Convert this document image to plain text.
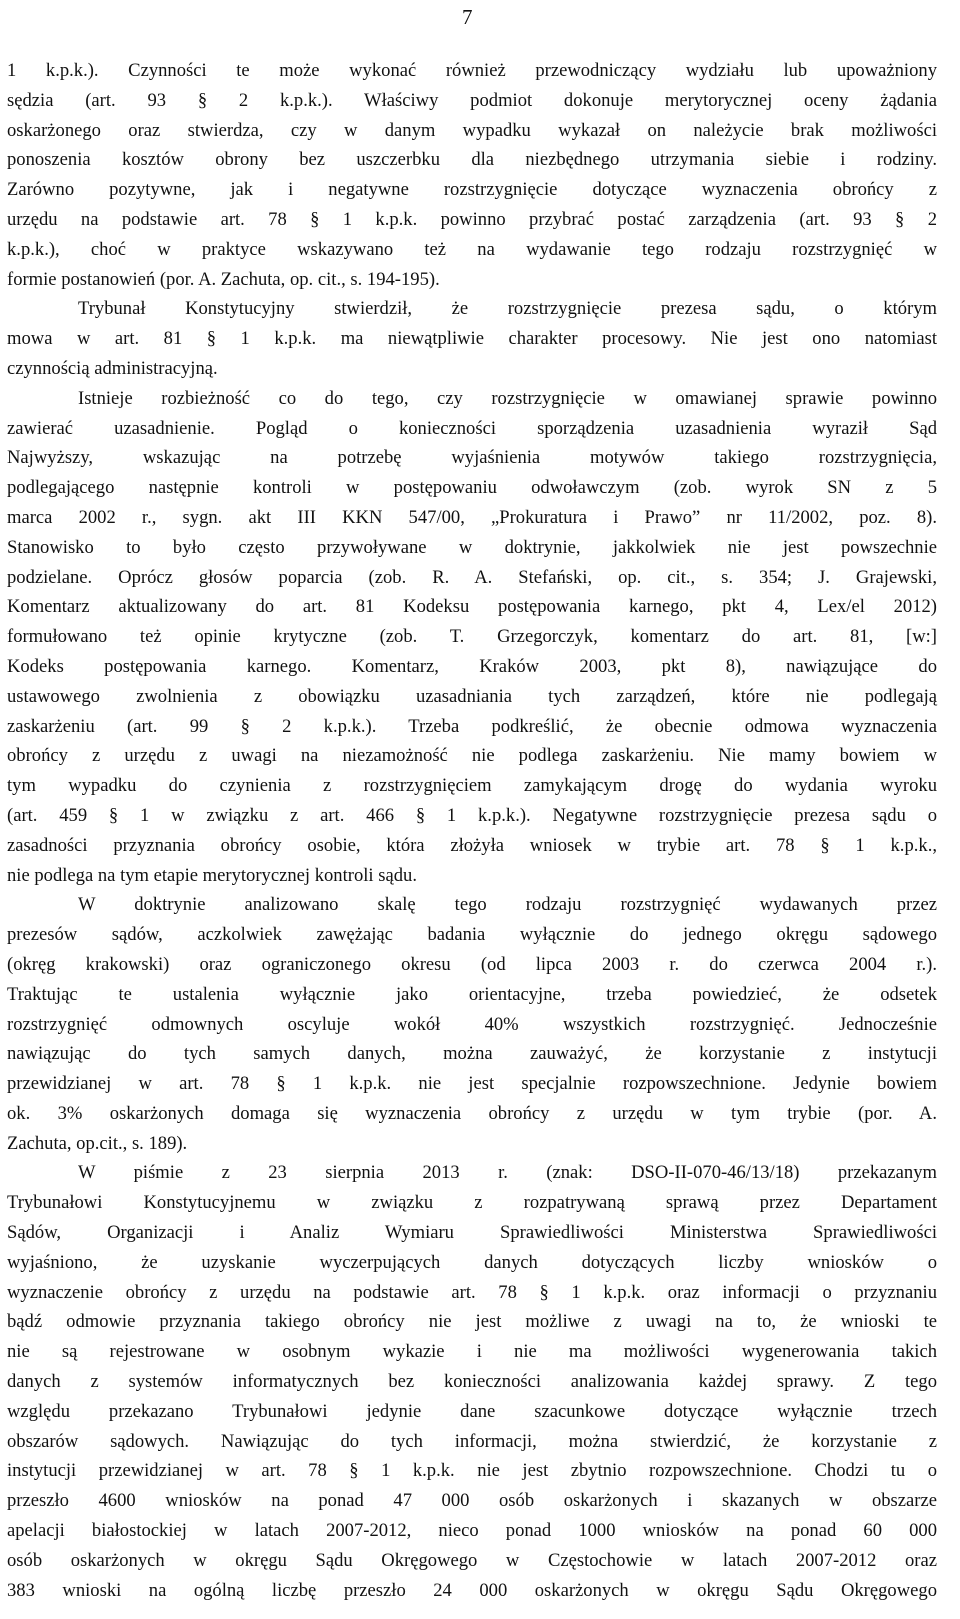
7
1 k.p.k.). Czynności te może wykonać również przewodniczący wydziału lub upoważniony
sędzia (art. 93 § 2 k.p.k.). Właściwy podmiot dokonuje merytorycznej oceny żądania
oskarżonego oraz stwierdza, czy w danym wypadku wykazał on należycie brak możliwości
ponoszenia kosztów obrony bez uszczerbku dla niezbędnego utrzymania siebie i rodziny.
Zarówno pozytywne, jak i negatywne rozstrzygnięcie dotyczące wyznaczenia obrońcy z
urzędu na podstawie art. 78 § 1 k.p.k. powinno przybrać postać zarządzenia (art. 93 § 2
k.p.k.), choć w praktyce wskazywano też na wydawanie tego rodzaju rozstrzygnięć w
formie postanowień (por. A. Zachuta, op. cit., s. 194-195).
Trybunał Konstytucyjny stwierdził, że rozstrzygnięcie prezesa sądu, o którym
mowa w art. 81 § 1 k.p.k. ma niewątpliwie charakter procesowy. Nie jest ono natomiast
czynnością administracyjną.
Istnieje rozbieżność co do tego, czy rozstrzygnięcie w omawianej sprawie powinno
zawierać uzasadnienie. Pogląd o konieczności sporządzenia uzasadnienia wyraził Sąd
Najwyższy, wskazując na potrzebę wyjaśnienia motywów takiego rozstrzygnięcia,
podlegającego następnie kontroli w postępowaniu odwoławczym (zob. wyrok SN z 5
marca 2002 r., sygn. akt III KKN 547/00, „Prokuratura i Prawo” nr 11/2002, poz. 8).
Stanowisko to było często przywoływane w doktrynie, jakkolwiek nie jest powszechnie
podzielane. Oprócz głosów poparcia (zob. R. A. Stefański, op. cit., s. 354; J. Grajewski,
Komentarz aktualizowany do art. 81 Kodeksu postępowania karnego, pkt 4, Lex/el 2012)
formułowano też opinie krytyczne (zob. T. Grzegorczyk, komentarz do art. 81, [w:]
Kodeks postępowania karnego. Komentarz, Kraków 2003, pkt 8), nawiązujące do
ustawowego zwolnienia z obowiązku uzasadniania tych zarządzeń, które nie podlegają
zaskarżeniu (art. 99 § 2 k.p.k.). Trzeba podkreślić, że obecnie odmowa wyznaczenia
obrońcy z urzędu z uwagi na niezamożność nie podlega zaskarżeniu. Nie mamy bowiem w
tym wypadku do czynienia z rozstrzygnięciem zamykającym drogę do wydania wyroku
(art. 459 § 1 w związku z art. 466 § 1 k.p.k.). Negatywne rozstrzygnięcie prezesa sądu o
zasadności przyznania obrońcy osobie, która złożyła wniosek w trybie art. 78 § 1 k.p.k.,
nie podlega na tym etapie merytorycznej kontroli sądu.
W doktrynie analizowano skalę tego rodzaju rozstrzygnięć wydawanych przez
prezesów sądów, aczkolwiek zawężając badania wyłącznie do jednego okręgu sądowego
(okręg krakowski) oraz ograniczonego okresu (od lipca 2003 r. do czerwca 2004 r.).
Traktując te ustalenia wyłącznie jako orientacyjne, trzeba powiedzieć, że odsetek
rozstrzygnięć odmownych oscyluje wokół 40% wszystkich rozstrzygnięć. Jednocześnie
nawiązując do tych samych danych, można zauważyć, że korzystanie z instytucji
przewidzianej w art. 78 § 1 k.p.k. nie jest specjalnie rozpowszechnione. Jedynie bowiem
ok. 3% oskarżonych domaga się wyznaczenia obrońcy z urzędu w tym trybie (por. A.
Zachuta, op.cit., s. 189).
W piśmie z 23 sierpnia 2013 r. (znak: DSO-II-070-46/13/18) przekazanym
Trybunałowi Konstytucyjnemu w związku z rozpatrywaną sprawą przez Departament
Sądów, Organizacji i Analiz Wymiaru Sprawiedliwości Ministerstwa Sprawiedliwości
wyjaśniono, że uzyskanie wyczerpujących danych dotyczących liczby wniosków o
wyznaczenie obrońcy z urzędu na podstawie art. 78 § 1 k.p.k. oraz informacji o przyznaniu
bądź odmowie przyznania takiego obrońcy nie jest możliwe z uwagi na to, że wnioski te
nie są rejestrowane w osobnym wykazie i nie ma możliwości wygenerowania takich
danych z systemów informatycznych bez konieczności analizowania każdej sprawy. Z tego
względu przekazano Trybunałowi jedynie dane szacunkowe dotyczące wyłącznie trzech
obszarów sądowych. Nawiązując do tych informacji, można stwierdzić, że korzystanie z
instytucji przewidzianej w art. 78 § 1 k.p.k. nie jest zbytnio rozpowszechnione. Chodzi tu o
przeszło 4600 wniosków na ponad 47 000 osób oskarżonych i skazanych w obszarze
apelacji białostockiej w latach 2007-2012, nieco ponad 1000 wniosków na ponad 60 000
osób oskarżonych w okręgu Sądu Okręgowego w Częstochowie w latach 2007-2012 oraz
383 wnioski na ogólną liczbę przeszło 24 000 oskarżonych w okręgu Sądu Okręgowego
